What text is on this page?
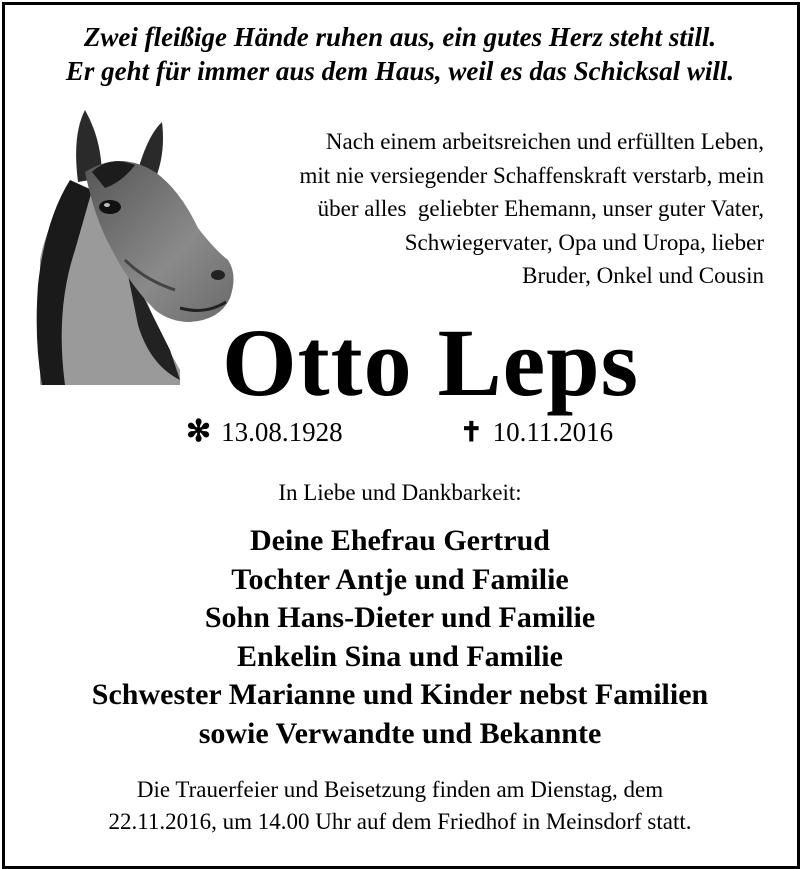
Zwei fleißige Hände ruhen aus, ein gutes Herz steht still.
Er geht für immer aus dem Haus, weil es das Schicksal will.
Nach einem arbeitsreichen und erfüllten Leben,
mit nie versiegender Schaffenskraft verstarb, mein
über alles  geliebter Ehemann, unser guter Vater,
Schwiegervater, Opa und Uropa, lieber
Bruder, Onkel und Cousin
Otto Leps
✻ 13.08.1928	✝ 10.11.2016
In Liebe und Dankbarkeit:
Deine Ehefrau Gertrud
Tochter Antje und Familie
Sohn Hans-Dieter und Familie
Enkelin Sina und Familie
Schwester Marianne und Kinder nebst Familien
sowie Verwandte und Bekannte
Die Trauerfeier und Beisetzung finden am Dienstag, dem
22.11.2016, um 14.00 Uhr auf dem Friedhof in Meinsdorf statt.
